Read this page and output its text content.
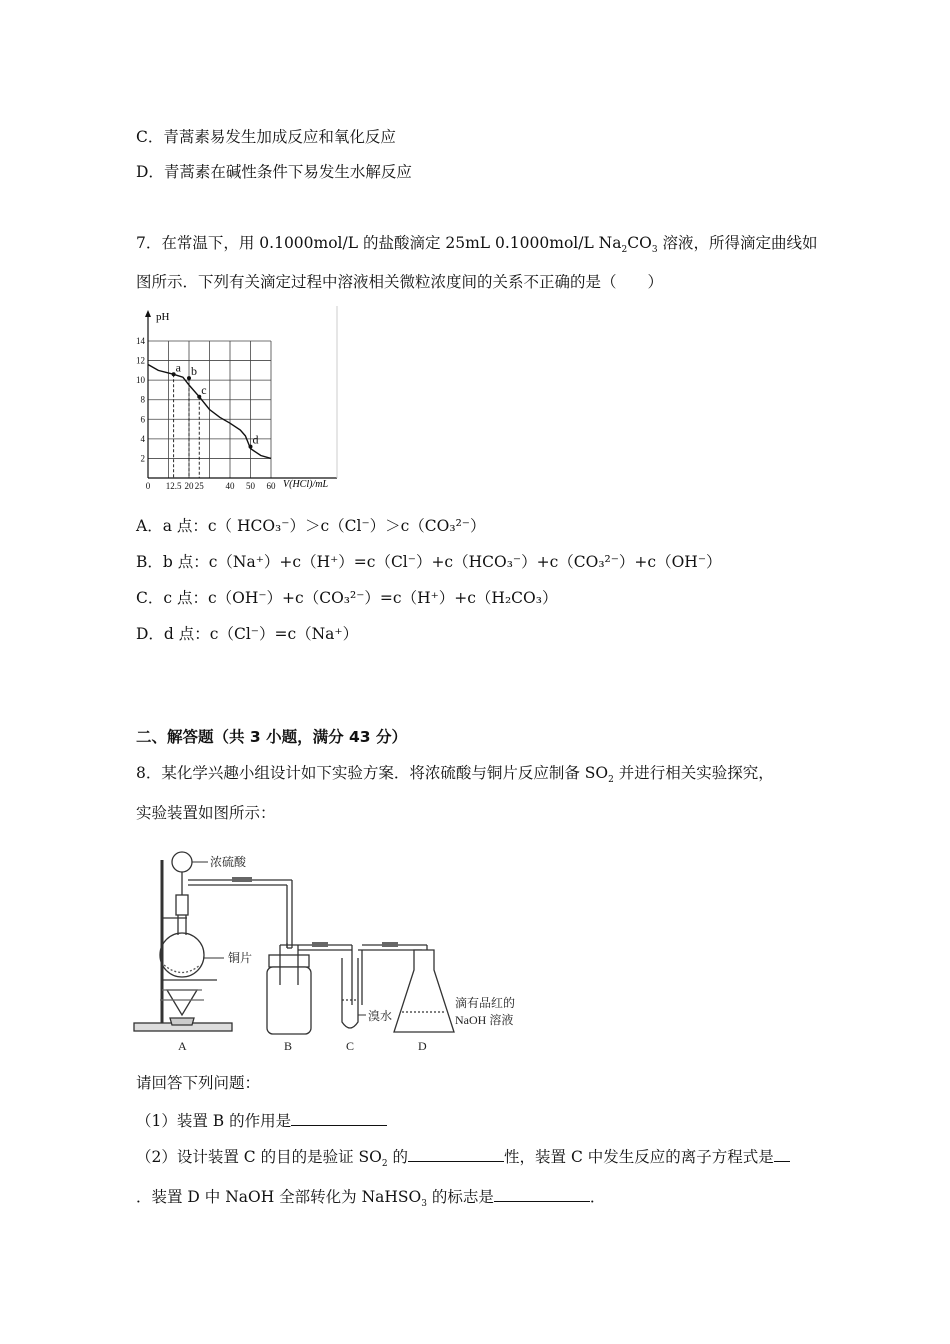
C．青蒿素易发生加成反应和氧化反应
D．青蒿素在碱性条件下易发生水解反应
7．在常温下，用 0.1000mol/L 的盐酸滴定 25mL 0.1000mol/L $Na_2CO_3$ 溶液，所得滴定曲线如
图所示．下列有关滴定过程中溶液相关微粒浓度间的关系不正确的是（　　）
2
4
6
8
10
12
14
0 12.5 20 25 40 50 60
a b
c
d
pH
V(HCl)/mL
A．a 点：c（ HCO₃⁻）＞c（Cl⁻）＞c（CO₃²⁻）
B．b 点：c（Na⁺）+c（H⁺）=c（Cl⁻）+c（HCO₃⁻）+c（CO₃²⁻）+c（OH⁻）
C．c 点：c（OH⁻）+c（CO₃²⁻）=c（H⁺）+c（H₂CO₃）
D．d 点：c（Cl⁻）=c（Na⁺）
二、解答题（共 3 小题，满分 43 分）
8．某化学兴趣小组设计如下实验方案．将浓硫酸与铜片反应制备 $SO_2$ 并进行相关实验探究，
实验装置如图所示：
浓硫酸
铜片
溴水
滴有品红的
NaOH 溶液
A	B	C	D
请回答下列问题：
（1）装置 B 的作用是
（2）设计装置 C 的目的是验证 $SO_2$ 的	性，装置 C 中发生反应的离子方程式是
．装置 D 中 NaOH 全部转化为 NaHSO$_3$ 的标志是	．
